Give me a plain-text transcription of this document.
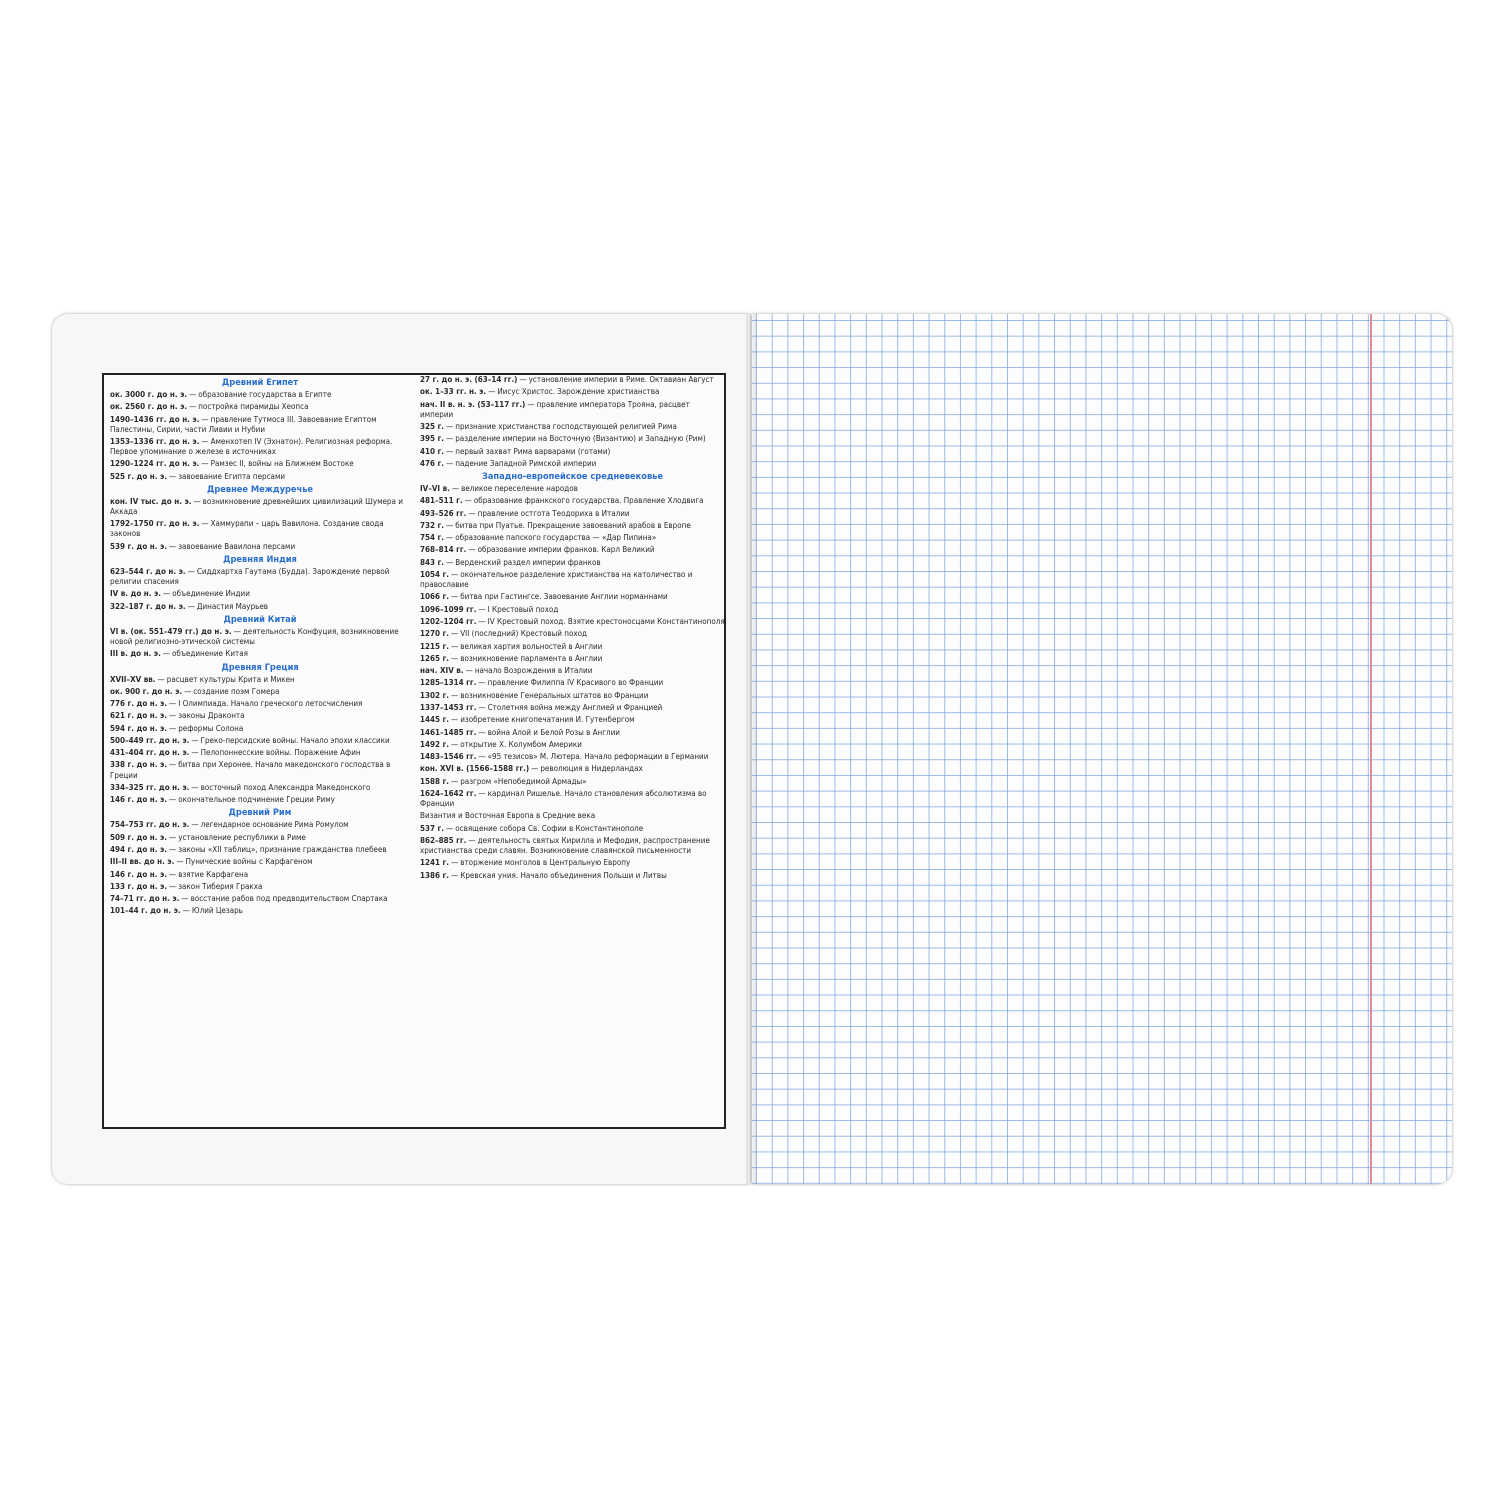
Древний Египет
ок. 3000 г. до н. э. — образование государства в Египте
ок. 2560 г. до н. э. — постройка пирамиды Хеопса
1490–1436 гг. до н. э. — правление Тутмоса III. Завоевание Египтом Палестины, Сирии, части Ливии и Нубии
1353–1336 гг. до н. э. — Аменхотеп IV (Эхнатон). Религиозная реформа. Первое упоминание о железе в источниках
1290–1224 гг. до н. э. — Рамзес II, войны на Ближнем Востоке
525 г. до н. э. — завоевание Египта персами
Древнее Междуречье
кон. IV тыс. до н. э. — возникновение древнейших цивилизаций Шумера и Аккада
1792–1750 гг. до н. э. — Хаммурапи – царь Вавилона. Создание свода законов
539 г. до н. э. — завоевание Вавилона персами
Древняя Индия
623–544 г. до н. э. — Сиддхартха Гаутама (Будда). Зарождение первой религии спасения
IV в. до н. э. — объединение Индии
322–187 г. до н. э. — Династия Маурьев
Древний Китай
VI в. (ок. 551–479 гг.) до н. э. — деятельность Конфуция, возникновение новой религиозно-этической системы
III в. до н. э. — объединение Китая
Древняя Греция
XVII–XV вв. — расцвет культуры Крита и Микен
ок. 900 г. до н. э. — создание поэм Гомера
776 г. до н. э. — I Олимпиада. Начало греческого летосчисления
621 г. до н. э. — законы Драконта
594 г. до н. э. — реформы Солона
500–449 гг. до н. э. — Греко-персидские войны. Начало эпохи классики
431–404 гг. до н. э. — Пелопоннесские войны. Поражение Афин
338 г. до н. э. — битва при Херонее. Начало македонского господства в Греции
334–325 гг. до н. э. — восточный поход Александра Македонского
146 г. до н. э. — окончательное подчинение Греции Риму
Древний Рим
754–753 гг. до н. э. — легендарное основание Рима Ромулом
509 г. до н. э. — установление республики в Риме
494 г. до н. э. — законы «XII таблиц», признание гражданства плебеев
III–II вв. до н. э. — Пунические войны с Карфагеном
146 г. до н. э. — взятие Карфагена
133 г. до н. э. — закон Тиберия Гракха
74–71 гг. до н. э. — восстание рабов под предводительством Спартака
101–44 г. до н. э. — Юлий Цезарь
27 г. до н. э. (63–14 гг.) — установление империи в Риме. Октавиан Август
ок. 1–33 гг. н. э. — Иисус Христос. Зарождение христианства
нач. II в. н. э. (53–117 гг.) — правление императора Трояна, расцвет империи
325 г. — признание христианства господствующей религией Рима
395 г. — разделение империи на Восточную (Византию) и Западную (Рим)
410 г. — первый захват Рима варварами (готами)
476 г. — падение Западной Римской империи
Западно-европейское средневековье
IV–VI в. — великое переселение народов
481–511 г. — образование франкского государства. Правление Хлодвига
493–526 гг. — правление остгота Теодориха в Италии
732 г. — битва при Пуатье. Прекращение завоеваний арабов в Европе
754 г. — образование папского государства — «Дар Пипина»
768–814 гг. — образование империи франков. Карл Великий
843 г. — Верденский раздел империи франков
1054 г. — окончательное разделение христианства на католичество и православие
1066 г. — битва при Гастингсе. Завоевание Англии норманнами
1096–1099 гг. — I Крестовый поход
1202–1204 гг. — IV Крестовый поход. Взятие крестоносцами Константинополя
1270 г. — VII (последний) Крестовый поход
1215 г. — великая хартия вольностей в Англии
1265 г. — возникновение парламента в Англии
нач. XIV в. — начало Возрождения в Италии
1285–1314 гг. — правление Филиппа IV Красивого во Франции
1302 г. — возникновение Генеральных штатов во Франции
1337–1453 гг. — Столетняя война между Англией и Францией
1445 г. — изобретение книгопечатания И. Гутенбергом
1461–1485 гг. — война Алой и Белой Розы в Англии
1492 г. — открытие Х. Колумбом Америки
1483–1546 гг. — «95 тезисов» М. Лютера. Начало реформации в Германии
кон. XVI в. (1566–1588 гг.) — революция в Нидерландах
1588 г. — разгром «Непобедимой Армады»
1624–1642 гг. — кардинал Ришелье. Начало становления абсолютизма во Франции
Византия и Восточная Европа в Средние века
537 г. — освящение собора Св. Софии в Константинополе
862–885 гг. — деятельность святых Кирилла и Мефодия, распространение христианства среди славян. Возникновение славянской письменности
1241 г. — вторжение монголов в Центральную Европу
1386 г. — Кревская уния. Начало объединения Польши и Литвы
